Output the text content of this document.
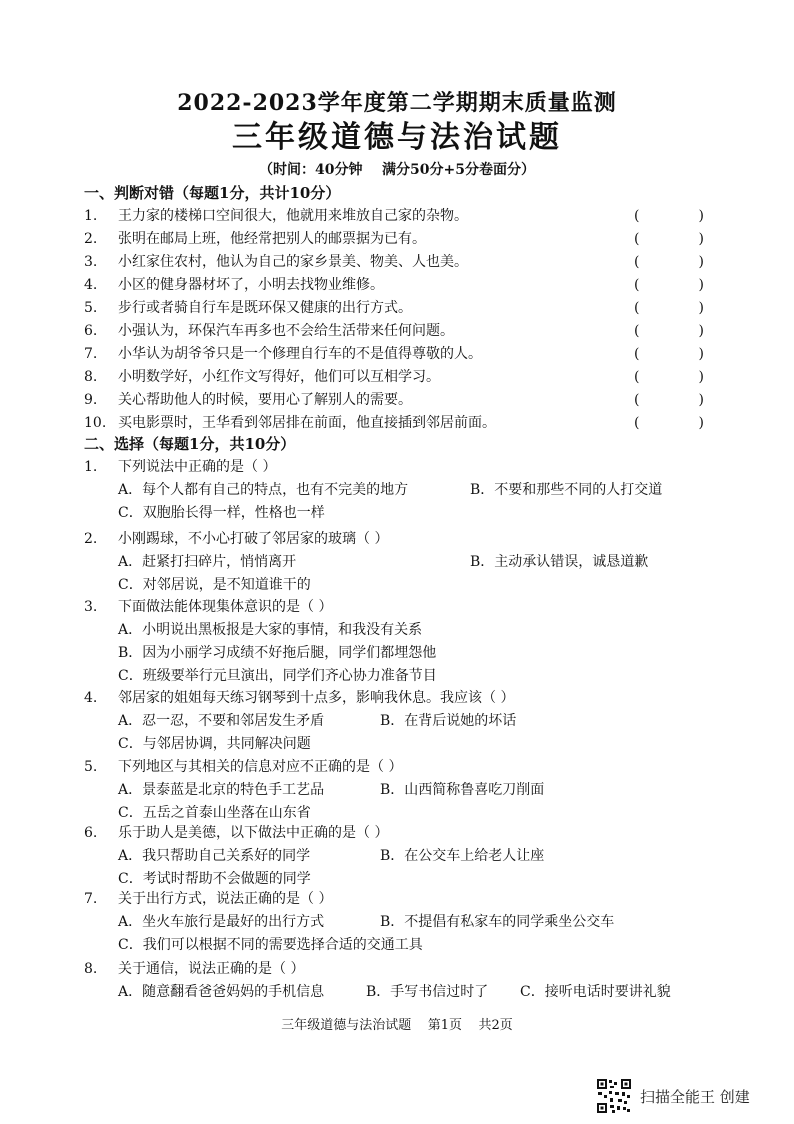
2022-2023学年度第二学期期末质量监测
三年级道德与法治试题
（时间：40分钟    满分50分+5分卷面分）
一、判断对错（每题1分，共计10分）
1.	王力家的楼梯口空间很大，他就用来堆放自己家的杂物。	(	)
2.	张明在邮局上班，他经常把别人的邮票据为已有。	(	)
3.	小红家住农村，他认为自己的家乡景美、物美、人也美。	(	)
4.	小区的健身器材坏了，小明去找物业维修。	(	)
5.	步行或者骑自行车是既环保又健康的出行方式。	(	)
6.	小强认为，环保汽车再多也不会给生活带来任何问题。	(	)
7.	小华认为胡爷爷只是一个修理自行车的不是值得尊敬的人。	(	)
8.	小明数学好，小红作文写得好，他们可以互相学习。	(	)
9.	关心帮助他人的时候，要用心了解别人的需要。	(	)
10. 买电影票时，王华看到邻居排在前面，他直接插到邻居前面。	(	)
二、选择（每题1分，共10分）
1. 下列说法中正确的是（ ）
A．每个人都有自己的特点，也有不完美的地方	B．不要和那些不同的人打交道
C．双胞胎长得一样，性格也一样
2. 小刚踢球，不小心打破了邻居家的玻璃（ ）
A．赶紧打扫碎片，悄悄离开	B．主动承认错误，诚恳道歉
C．对邻居说，是不知道谁干的
3. 下面做法能体现集体意识的是（ ）
A．小明说出黑板报是大家的事情，和我没有关系
B．因为小丽学习成绩不好拖后腿，同学们都埋怨他
C．班级要举行元旦演出，同学们齐心协力准备节目
4. 邻居家的姐姐每天练习钢琴到十点多，影响我休息。我应该（ ）
A．忍一忍，不要和邻居发生矛盾	B．在背后说她的坏话
C．与邻居协调，共同解决问题
5. 下列地区与其相关的信息对应不正确的是（ ）
A．景泰蓝是北京的特色手工艺品	B．山西简称鲁喜吃刀削面
C．五岳之首泰山坐落在山东省
6. 乐于助人是美德，以下做法中正确的是（ ）
A．我只帮助自己关系好的同学	B．在公交车上给老人让座
C．考试时帮助不会做题的同学
7. 关于出行方式，说法正确的是（ ）
A．坐火车旅行是最好的出行方式	B．不提倡有私家车的同学乘坐公交车
C．我们可以根据不同的需要选择合适的交通工具
8. 关于通信，说法正确的是（ ）
A．随意翻看爸爸妈妈的手机信息	B．手写书信过时了 C．接听电话时要讲礼貌
三年级道德与法治试题    第1页    共2页
扫描全能王 创建
